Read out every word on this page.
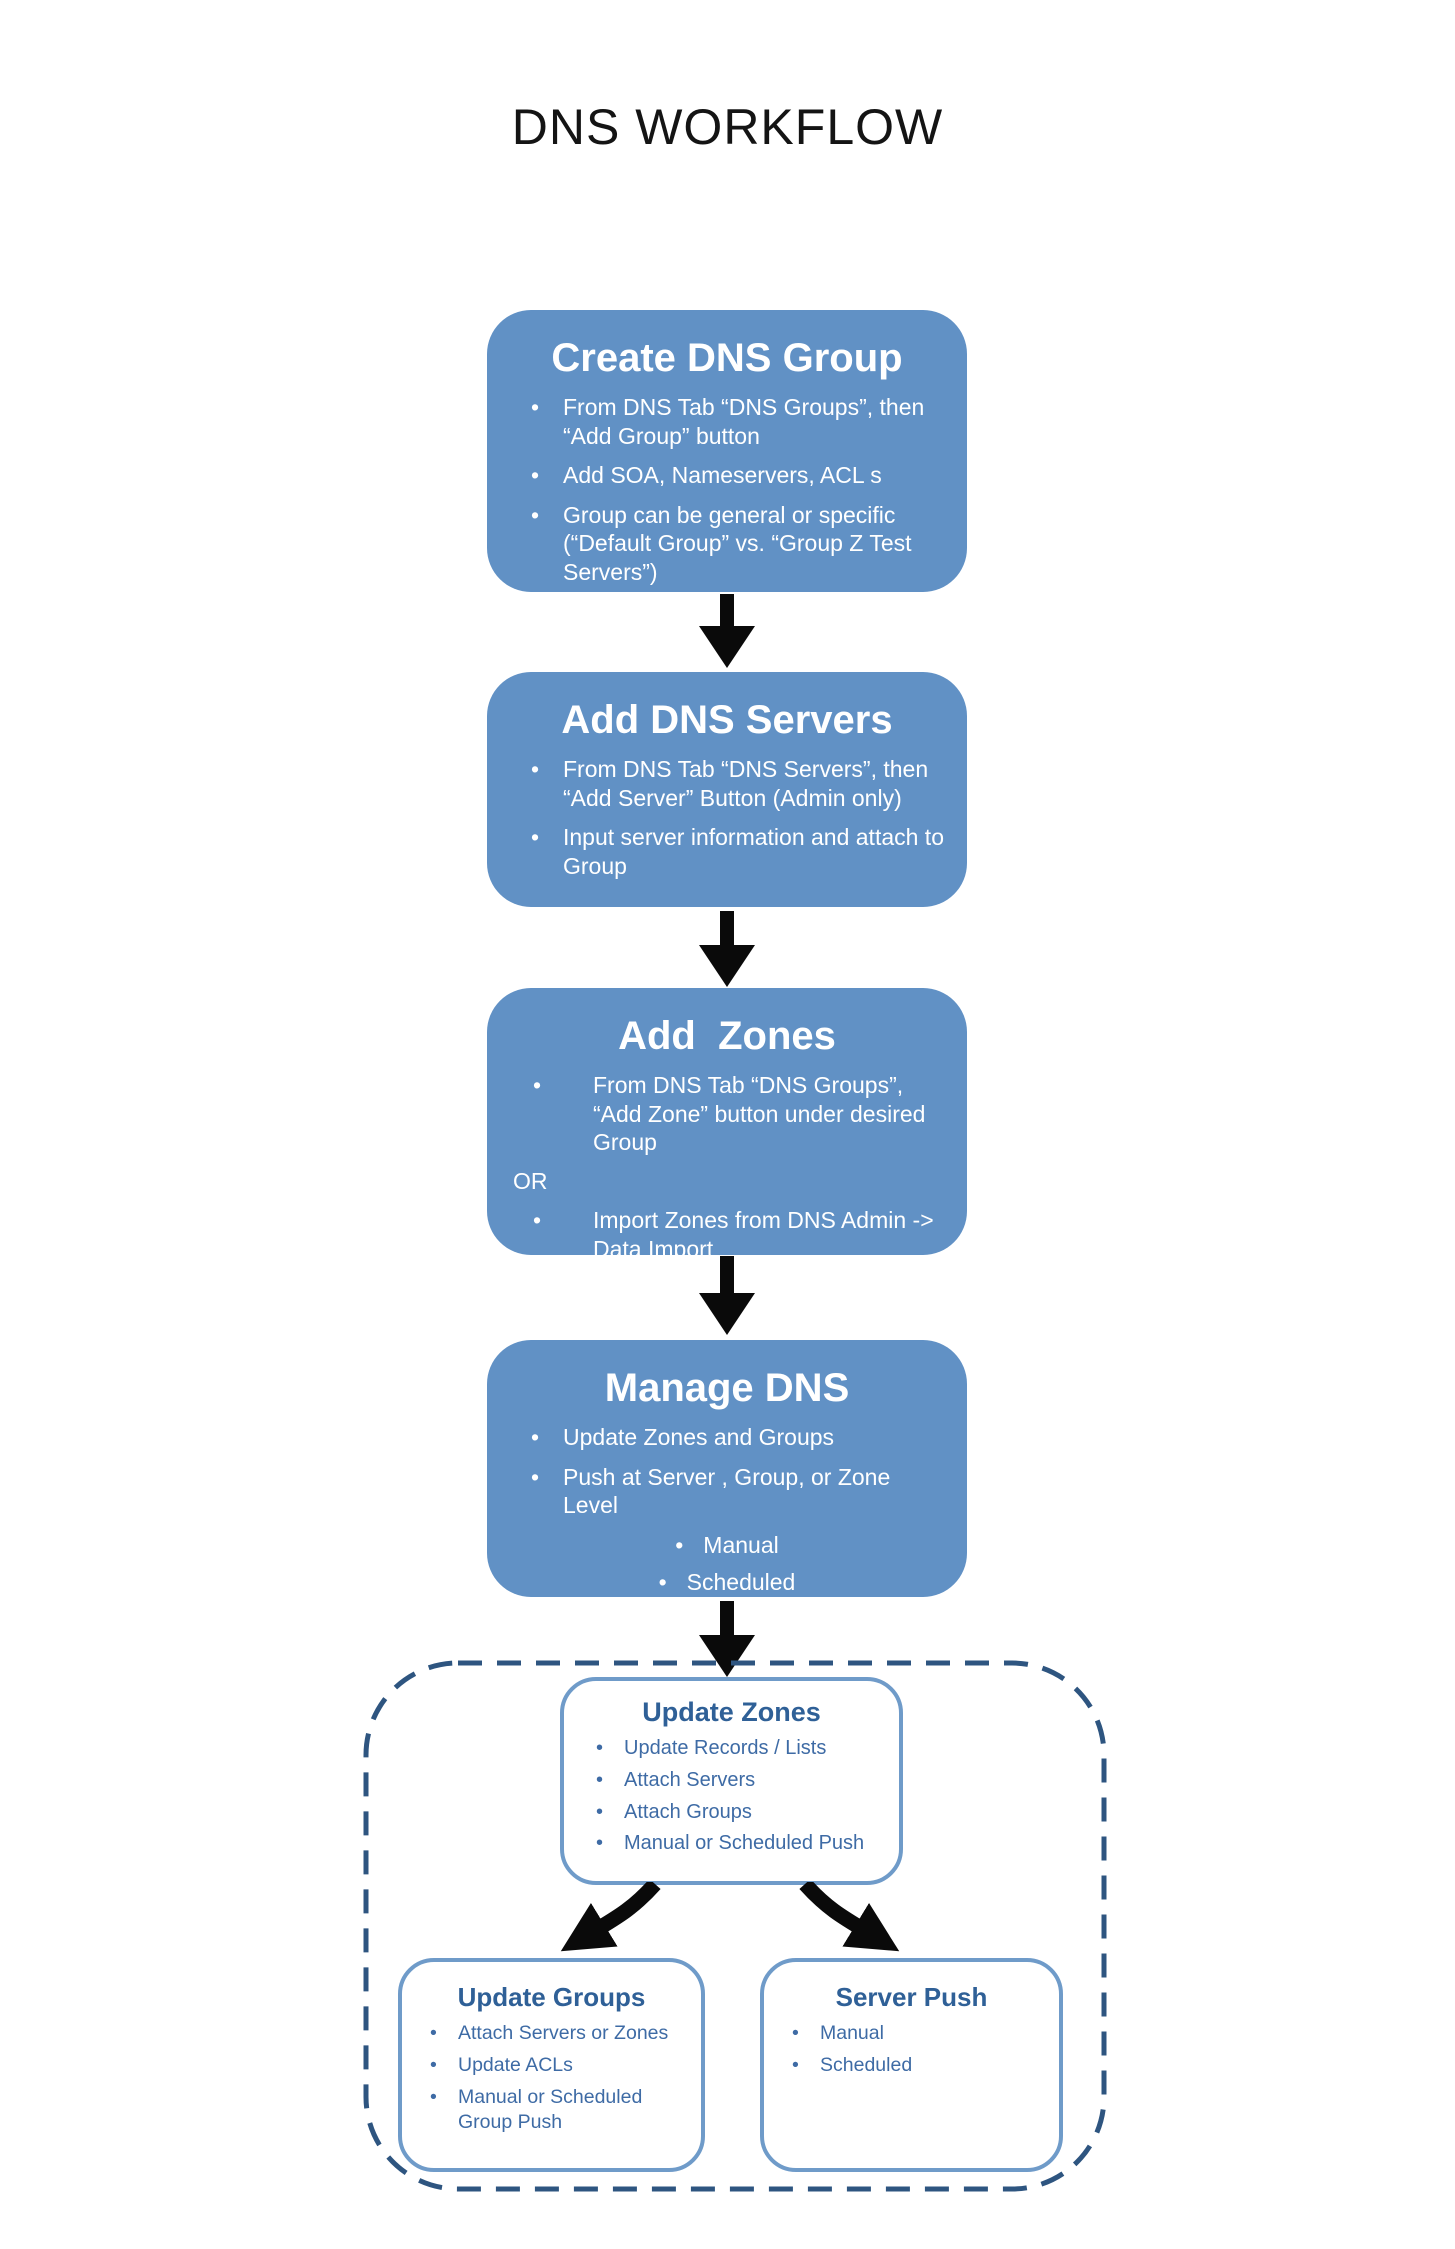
DNS WORKFLOW
Create DNS Group
•	From DNS Tab “DNS Groups”, then “Add Group” button
•	Add SOA, Nameservers, ACL s
•	Group can be general or specific (“Default Group” vs. “Group Z Test Servers”)
Add DNS Servers
•	From DNS Tab “DNS Servers”, then “Add Server” Button (Admin only)
•	Input server information and attach to Group
Add  Zones
•	From DNS Tab “DNS Groups”, “Add Zone” button under desired Group
OR
•	Import Zones from DNS Admin -> Data Import
Manage DNS
•	Update Zones and Groups
•	Push at Server , Group, or Zone Level
• Manual
• Scheduled
Update Zones
•	Update Records / Lists
•	Attach Servers
•	Attach Groups
•	Manual or Scheduled Push
Update Groups
•	Attach Servers or Zones
•	Update ACLs
•	Manual or Scheduled Group Push
Server Push
•	Manual
•	Scheduled
